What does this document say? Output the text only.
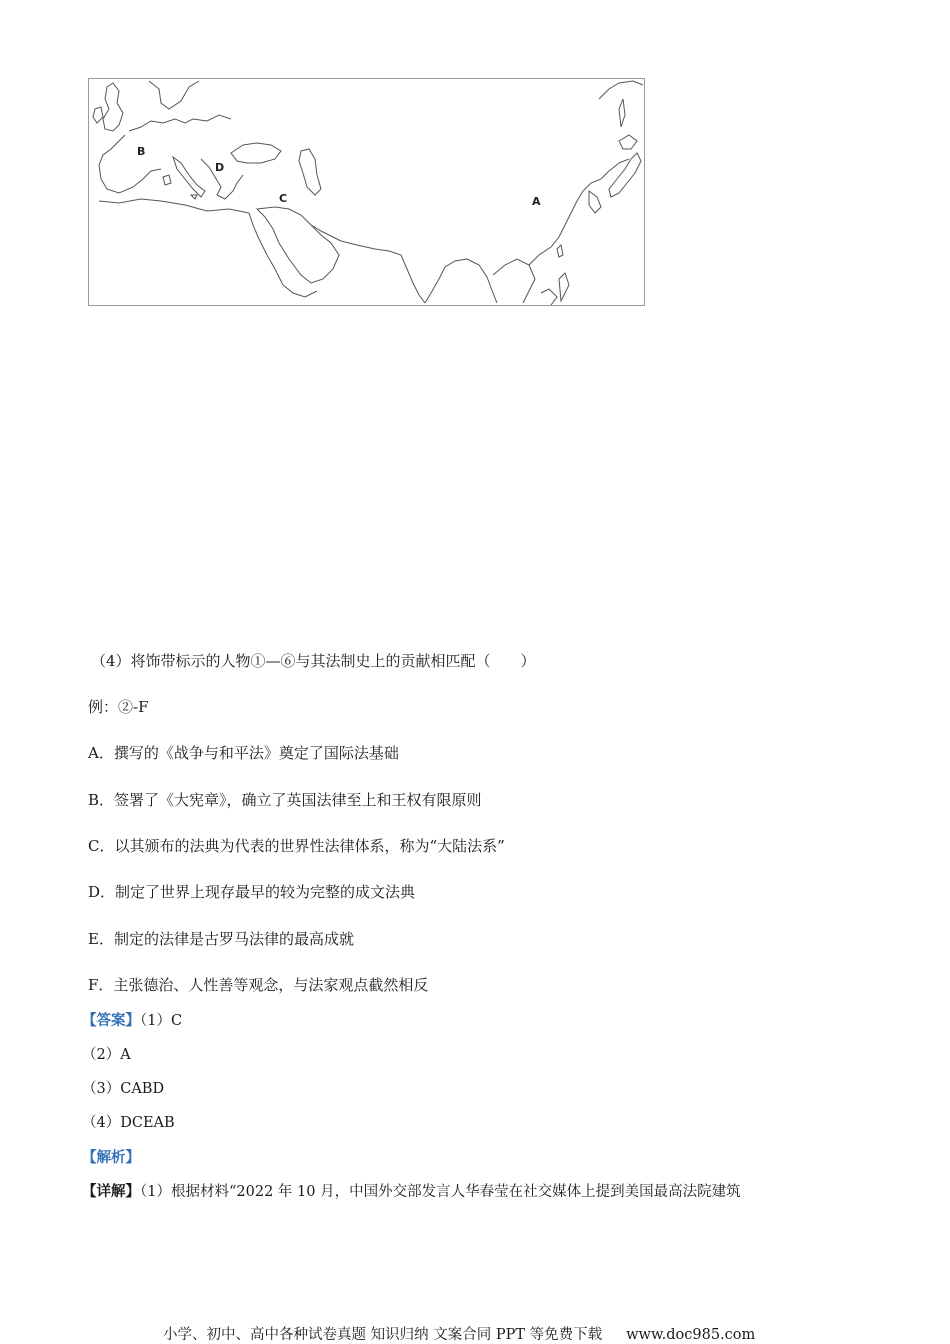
B
D
C	A
（4）将饰带标示的人物①—⑥与其法制史上的贡献相匹配（　　）
例：②-F
A．撰写的《战争与和平法》奠定了国际法基础
B．签署了《大宪章》，确立了英国法律至上和王权有限原则
C．以其颁布的法典为代表的世界性法律体系，称为“大陆法系”
D．制定了世界上现存最早的较为完整的成文法典
E．制定的法律是古罗马法律的最高成就
F．主张德治、人性善等观念，与法家观点截然相反
【答案】（1）C
（2）A
（3）CABD
（4）DCEAB
【解析】
【详解】（1）根据材料“2022 年 10 月，中国外交部发言人华春莹在社交媒体上提到美国最高法院建筑
小学、初中、高中各种试卷真题 知识归纳 文案合同 PPT 等免费下载 www.doc985.com
